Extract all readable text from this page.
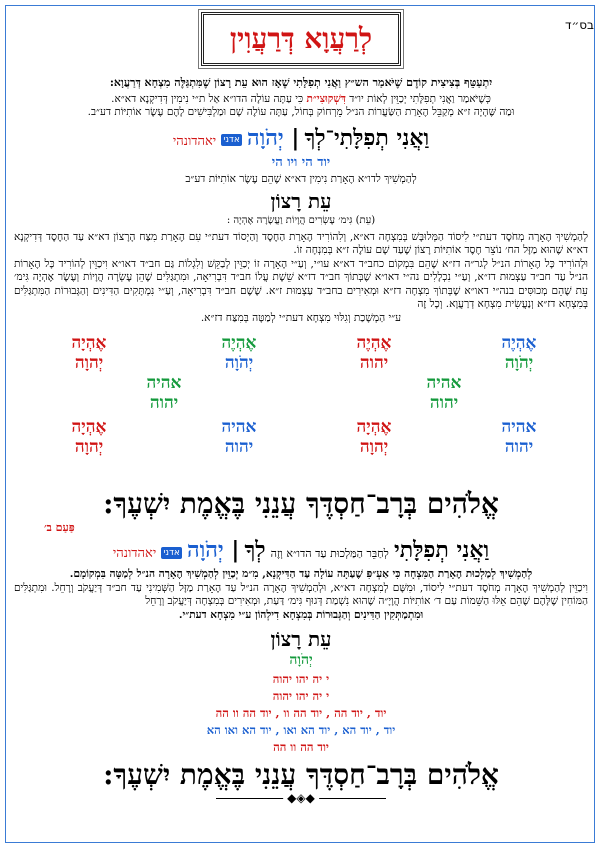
בס״ד
לְרַעֲוָא דְּרַעֲוִין

יִתְעַטֵּף בְּצִיצִית קוֹדֶם שֶׁיֹּאמַר הש״ץ וַאֲנִי תְפִלָּתִי שֶׁאָז הוּא עֵת רָצוֹן שֶׁמִּתְגַּלֶּה מִצְחָא דְּרַעֲוָא:

כְּשֶׁיֹּאמַר וַאֲנִי תְפִלָּתִי יְכַוֵּין לְאוֹת יו״ד דִּשְׁקוּצִי״ת כִּי עַתָּה עוֹלָה הדו״א אַל ת״י נִימִין דְּדִיקְנָא דא״א.

וּמַה שֶּׁהָיָה ז״א מְקַבֵּל הֶאָרַת הַשַּׂעֲרוֹת הנ״ל מֵרְחוֹק בְּחוֹל, עַתָּה עוֹלֶה שָׁם וּמַלְבִּישִׁים לָהֶם עֶשֶׂר אוֹתִיּוֹת דע״ב.

וַאֲנִי תְפִלָּתִי־לְךָ | יְהֹוָה אדני יאהדונהי
יוד הי ויו הי

לְהַמְשִׁיךְ לדו״א הֶאָרַת נִימִין דא״א שֶׁהֵם עֶשֶׂר אוֹתִיּוֹת דע״ב

עֵת רָצוֹן

(עֵת) גִּימ׳ עֶשְׂרִים הֲוָיוֹת וַעֲשָׂרָה אֶהְיֶה :

לְהַמְשִׁיךְ הֶאָרָה מְחֹסֶד דעת״י לִיסוֹד הַמְּלוּבָּשׁ בְּמִצְחָה דא״א, וְלִהוֹרִיד הֶאָרַת הַחֶסֶד וְהַיְסוֹד דעת״י עִם הֶאָרַת מִצַּח הָרָצוֹן דא״א עַד הַחֶסֶד דְּדִיקְנָא דא״א שֶׁהוּא מַזָּל הח׳ נוֹצֵר חֶסֶד אוֹתִיּוֹת רָצוֹן שֶׁעַד שָׁם עוֹלֶה ז״א בְּמִנְחָה זוֹ.

וּלְהוֹרִיד כָּל הֶאָרוֹת הנ״ל לְגר״ה דז״א שֶׁהֵם בִּמְקוֹם כחב״ד דא״א עו״י, וְעַ״י הֶאָרָה זוֹ יְכַוֵּין לְבַקֵּשׁ וְלִגְלוֹת גַּם חב״ד דאו״א וִיכַוֵּין לְהוֹרִיד כָּל הֶאָרוֹת הנ״ל עַד חב״ד עַצְמוּת דז״א, וְעַ״י נִכְלָלִים נה״י דאו״א שֶׁבְּתוֹךְ חב״ד דז״א שֵׁשֶׁת עֲלוֹ חב״ד דִּבְרִיאָה, וּמִתְגַּלִּים שֶׁהֵן עֶשְׂרָה הֲוָיוֹת וְעֶשֶׂר אֶהְיֶה גִּימ׳ עֵת שֶׁהֵם מְכוּסִּים בנה״י דאו״א שֶׁבְּתוֹךְ מִצְחָה דז״א וּמְאִירִים בחב״ד עַצְמוּת ז״א. שֶׁשֶׁם חב״ד דִּבְרִיאָה, וְעַ״י נִמְתָּקִים הַדִּינִים וְהַגְּבוּרוֹת הַמִּתְגַּלִּים בְּמִצְחָא דז״א וְנַעֲשִׂית מִצְחָא דְרַעֲוָא. וְכָל זֶה

ע״י הַמְשָׁכַת וְגִלּוּי מִצְחָא דעת״י לְמַטָּה בְּמִצַּח דז״א.

אֶהְיֶה
יְהֹוָה
אֶהְיֶה
יהוה
אֶהְיֶה
יְהֹוָה
אהיה
יהוה
אֶהְיָה
יְהוָה
אהיה
יהוה
אֶהְיָה
יְהוָה
אהיה
יהוה
אהיה
יהוה
אֶהְיָה
יְהוָה
אֱלֹהִים בְּרָב־חַסְדֶּךָ עֲנֵנִי בֶּאֱמֶת יִשְׁעֶךָ:
פַּעַם ב׳
וַאֲנִי תְפִלָּתִי לְחַבֵּר הַמַּלְכוּת עַד הדו״א וְזֶה לְךָ | יְהֹוָה אדני יאהדונהי

לְהַמְשִׁיךְ לְמַלְכוּת הֶאָרַת הַמִּצְחָה כִּי אַעְ״פִּ שֶׁעַתָּה עוֹלָה עַד הַדִּיקְנָא, מִ״מ יְכַוֵּין לְהַמְשִׁיךְ הֶאָרָה הנ״ל לְמַטָּה בִּמְקוֹמָם.

וִיכַוֵּין לְהַמְשִׁיךְ הֶאָרָה מְחֹסֶד דעת״י לִיסוֹד, וּמִשָּׁם לְמִצְחָה דא״א, וּלְהַמְשִׁיךְ הֶאָרָה הנ״ל עַד הֶאָרַת מַזָּל הַשְּׁמִינִי עַד חב״ד דְּיַעֲקֹב וְרָחֵל. וּמִתְגַּלִּים הַמּוֹחִין שֶׁלָּהֶם שֶׁהֵם אֵלּוּ הַשֵּׁמוֹת עַם ד׳ אוֹתִיּוֹת הֲוָיָ״ה שֶׁהוּא נִשְׁמַת דְּגוּף גִּימ׳ דַּעַת, וּמְאִירִים בְּמִצְחָה דְּיַעֲקֹב וְרָחֵל

וּמִתְמַתְּקִין הַדִּינִים וְהַגְּבוּרוֹת בְּמִצְחָא דִילְהוֹן ע״י מִצְחָא דעת״י.

עֵת רָצוֹן
יְהֹוָה
י יה יהו יהוה
י יה יהו יהוה
יוד , יוד הה , יוד הה וו , יוד הה וו הה
יוד , יוד הא , יוד הא ואו , יוד הא ואו הא
יוד הה וו הה
אֱלֹהִים בְּרָב־חַסְדֶּךָ עֲנֵנִי בֶּאֱמֶת יִשְׁעֶךָ:
◆◈◆
